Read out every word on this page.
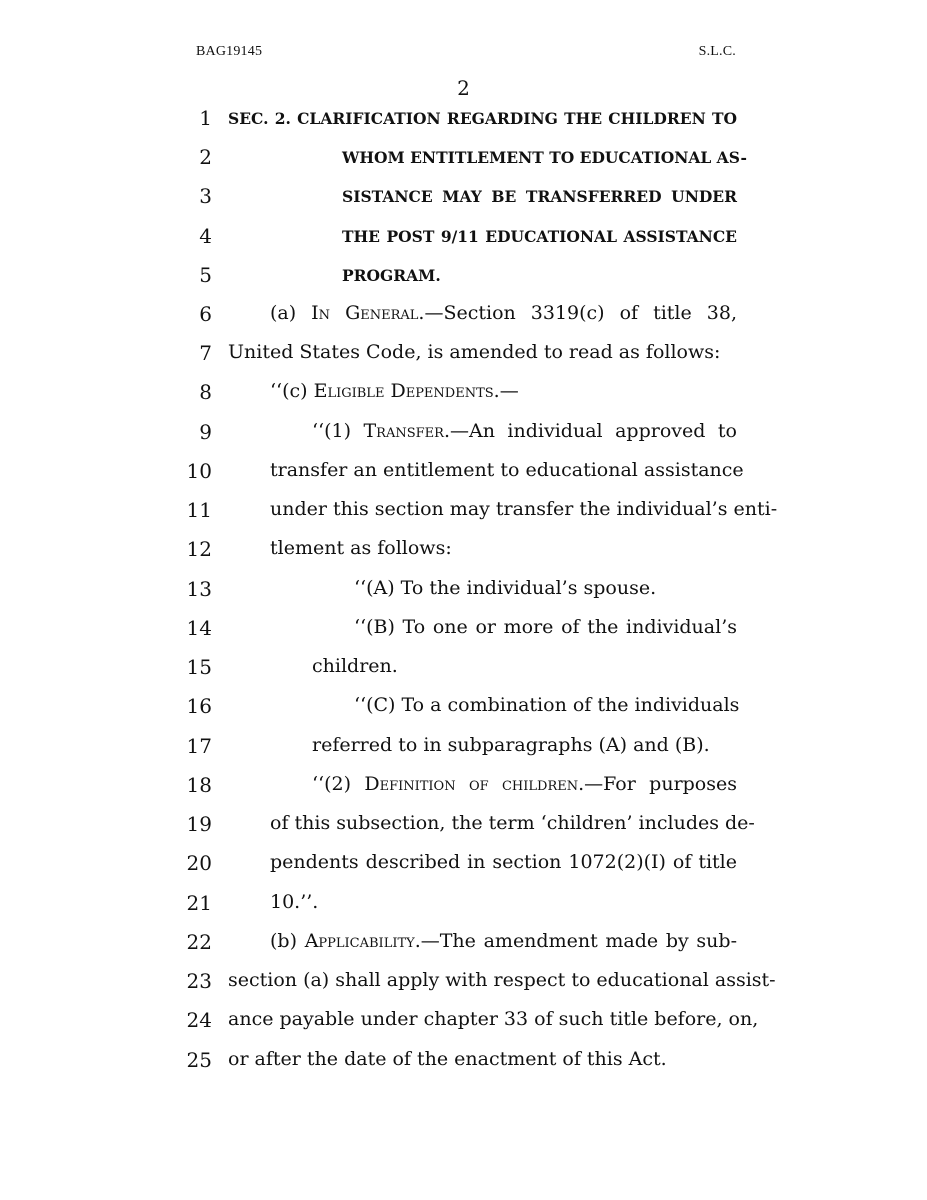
BAG19145	S.L.C.
2
1 SEC. 2. CLARIFICATION REGARDING THE CHILDREN TO
2	WHOM ENTITLEMENT TO EDUCATIONAL AS-
3	SISTANCE MAY BE TRANSFERRED UNDER
4	THE POST 9/11 EDUCATIONAL ASSISTANCE
5	PROGRAM.
6	(a) In General.—Section 3319(c) of title 38,
7 United States Code, is amended to read as follows:
8	‘‘(c) Eligible Dependents.—
9	‘‘(1) Transfer.—An individual approved to
10	transfer an entitlement to educational assistance
11	under this section may transfer the individual’s enti-
12	tlement as follows:
13	‘‘(A) To the individual’s spouse.
14	‘‘(B) To one or more of the individual’s
15	children.
16	‘‘(C) To a combination of the individuals
17	referred to in subparagraphs (A) and (B).
18	‘‘(2) Definition of children.—For purposes
19	of this subsection, the term ‘children’ includes de-
20	pendents described in section 1072(2)(I) of title
21	10.’’.
22	(b) Applicability.—The amendment made by sub-
23 section (a) shall apply with respect to educational assist-
24 ance payable under chapter 33 of such title before, on,
25 or after the date of the enactment of this Act.
